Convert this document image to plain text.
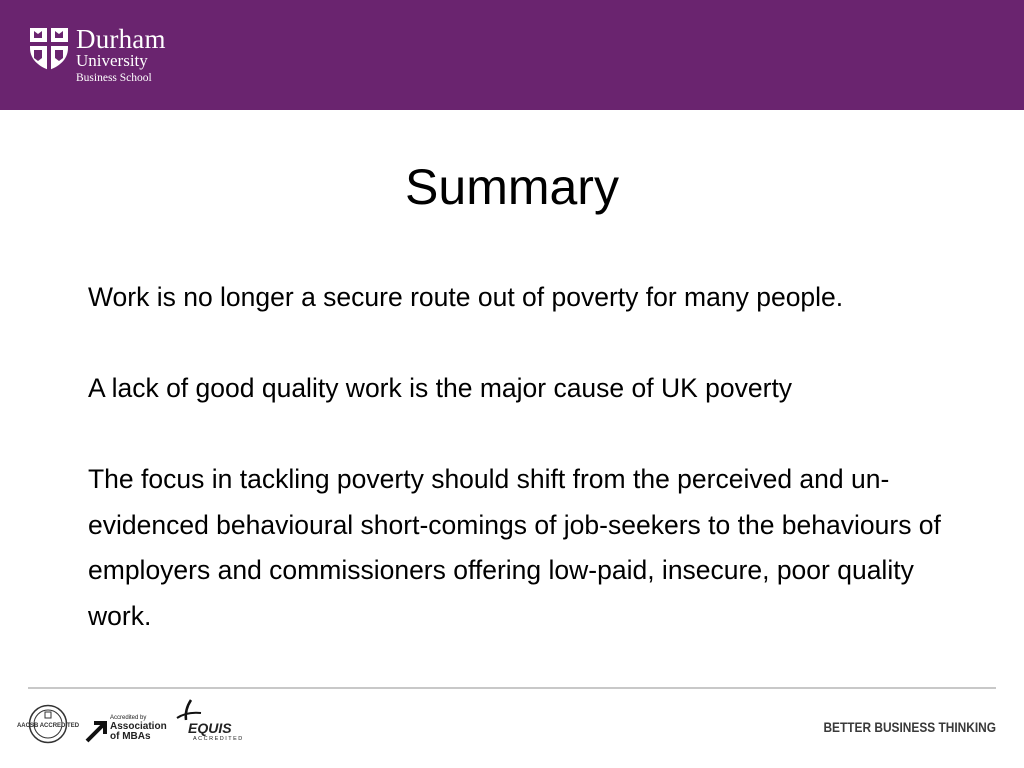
Durham
University
Business School
Summary

Work is no longer a secure route out of poverty for many people.

A lack of good quality work is the major cause of UK poverty

The focus in tackling poverty should shift from the perceived and un-evidenced behavioural short-comings of job-seekers to the behaviours of employers and commissioners offering low-paid, insecure, poor quality work.

AACSB ACCREDITED
Accredited by
Association
of MBAs
EQUIS
ACCREDITED
BETTER BUSINESS THINKING
